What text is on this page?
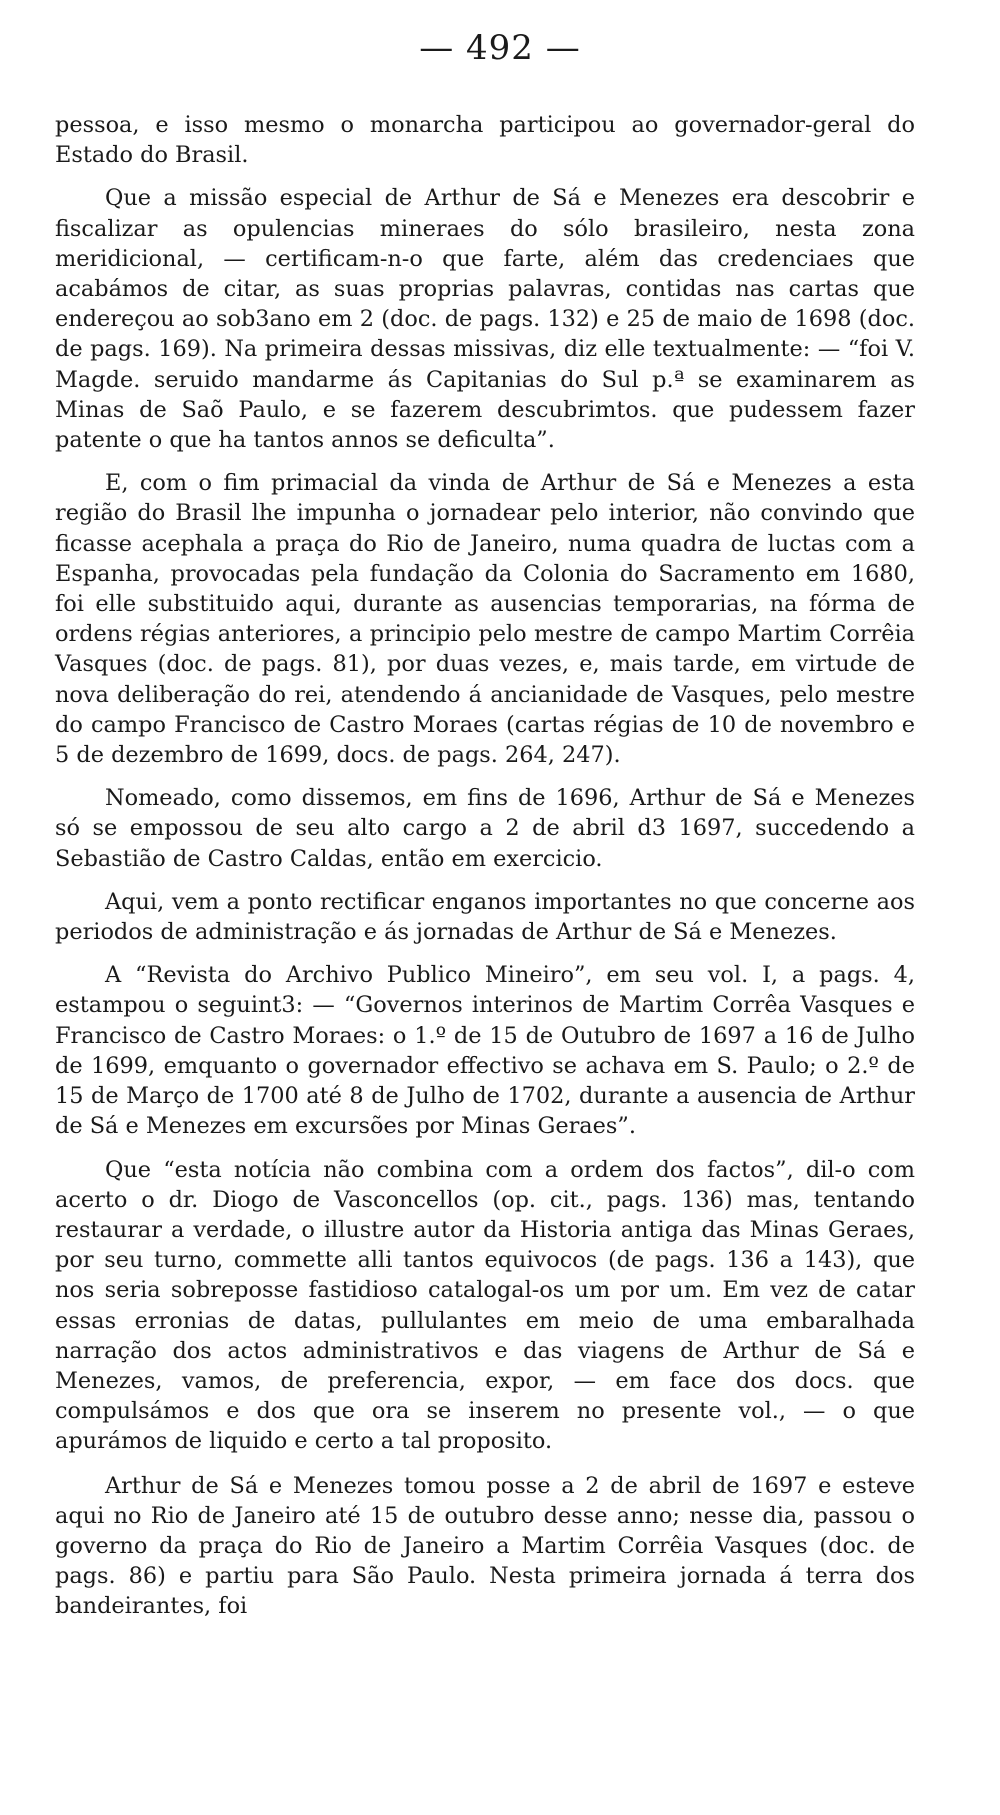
— 492 —

pessoa, e isso mesmo o monarcha participou ao governador-geral do Estado do Brasil.

Que a missão especial de Arthur de Sá e Menezes era descobrir e fiscalizar as opulencias mineraes do sólo brasileiro, nesta zona meridicional, — certificam-n-o que farte, além das credenciaes que acabámos de citar, as suas proprias palavras, contidas nas cartas que endereçou ao sob3ano em 2 (doc. de pags. 132) e 25 de maio de 1698 (doc. de pags. 169). Na primeira dessas missivas, diz elle textualmente: — “foi V. Magde. seruido mandarme ás Capitanias do Sul p.ª se examinarem as Minas de Saõ Paulo, e se fazerem descubrimtos. que pudessem fazer patente o que ha tantos annos se deficulta”.

E, com o fim primacial da vinda de Arthur de Sá e Menezes a esta região do Brasil lhe impunha o jornadear pelo interior, não convindo que ficasse acephala a praça do Rio de Janeiro, numa quadra de luctas com a Espanha, provocadas pela fundação da Colonia do Sacramento em 1680, foi elle substituido aqui, durante as ausencias temporarias, na fórma de ordens régias anteriores, a principio pelo mestre de campo Martim Corrêia Vasques (doc. de pags. 81), por duas vezes, e, mais tarde, em virtude de nova deliberação do rei, atendendo á ancianidade de Vasques, pelo mestre do campo Francisco de Castro Moraes (cartas régias de 10 de novembro e 5 de dezembro de 1699, docs. de pags. 264, 247).

Nomeado, como dissemos, em fins de 1696, Arthur de Sá e Menezes só se empossou de seu alto cargo a 2 de abril d3 1697, succedendo a Sebastião de Castro Caldas, então em exercicio.

Aqui, vem a ponto rectificar enganos importantes no que concerne aos periodos de administração e ás jornadas de Arthur de Sá e Menezes.

A “Revista do Archivo Publico Mineiro”, em seu vol. I, a pags. 4, estampou o seguint3: — “Governos interinos de Martim Corrêa Vasques e Francisco de Castro Moraes: o 1.º de 15 de Outubro de 1697 a 16 de Julho de 1699, emquanto o governador effectivo se achava em S. Paulo; o 2.º de 15 de Março de 1700 até 8 de Julho de 1702, durante a ausencia de Arthur de Sá e Menezes em excursões por Minas Geraes”.

Que “esta notícia não combina com a ordem dos factos”, dil-o com acerto o dr. Diogo de Vasconcellos (op. cit., pags. 136) mas, tentando restaurar a verdade, o illustre autor da Historia antiga das Minas Geraes, por seu turno, commette alli tantos equivocos (de pags. 136 a 143), que nos seria sobreposse fastidioso catalogal-os um por um. Em vez de catar essas erronias de datas, pullulantes em meio de uma embaralhada narração dos actos administrativos e das viagens de Arthur de Sá e Menezes, vamos, de preferencia, expor, — em face dos docs. que compulsámos e dos que ora se inserem no presente vol., — o que apurámos de liquido e certo a tal proposito.

Arthur de Sá e Menezes tomou posse a 2 de abril de 1697 e esteve aqui no Rio de Janeiro até 15 de outubro desse anno; nesse dia, passou o governo da praça do Rio de Janeiro a Martim Corrêia Vasques (doc. de pags. 86) e partiu para São Paulo. Nesta primeira jornada á terra dos bandeirantes, foi
